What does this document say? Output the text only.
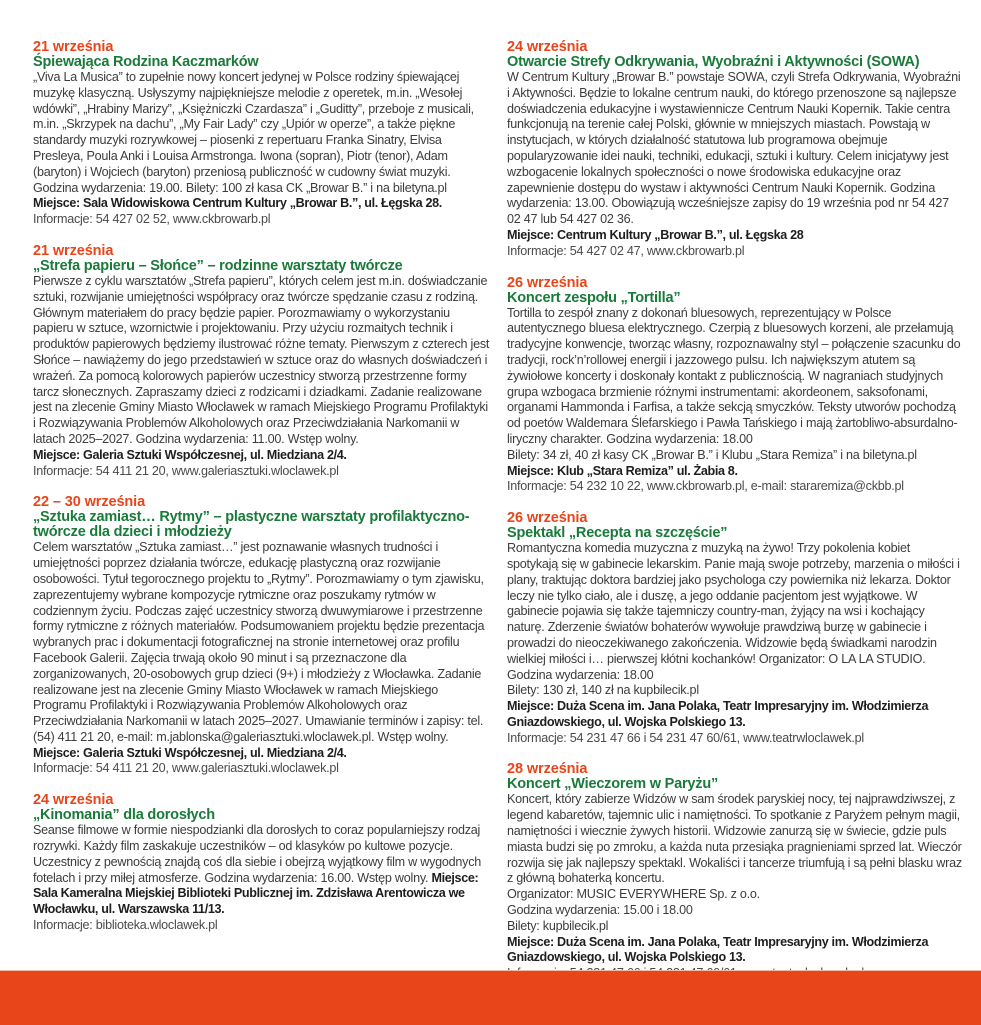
21 września
Śpiewająca Rodzina Kaczmarków

„Viva La Musica” to zupełnie nowy koncert jedynej w Polsce rodziny śpiewającej muzykę klasyczną. Usłyszymy najpiękniejsze melodie z operetek, m.in. „Wesołej wdówki”, „Hrabiny Marizy”, „Księżniczki Czardasza” i „Guditty”, przeboje z musicali, m.in. „Skrzypek na dachu”, „My Fair Lady” czy „Upiór w operze”, a także piękne standardy muzyki rozrywkowej – piosenki z repertuaru Franka Sinatry, Elvisa Presleya, Poula Anki i Louisa Armstronga. Iwona (sopran), Piotr (tenor), Adam (baryton) i Wojciech (baryton) przeniosą publiczność w cudowny świat muzyki. Godzina wydarzenia: 19.00. Bilety: 100 zł kasa CK „Browar B.” i na biletyna.pl

Miejsce: Sala Widowiskowa Centrum Kultury „Browar B.”, ul. Łęgska 28.

Informacje: 54 427 02 52, www.ckbrowarb.pl

21 września
„Strefa papieru – Słońce” – rodzinne warsztaty twórcze

Pierwsze z cyklu warsztatów „Strefa papieru”, których celem jest m.in. doświadczanie sztuki, rozwijanie umiejętności współpracy oraz twórcze spędzanie czasu z rodziną. Głównym materiałem do pracy będzie papier. Porozmawiamy o wykorzystaniu papieru w sztuce, wzornictwie i projektowaniu. Przy użyciu rozmaitych technik i produktów papierowych będziemy ilustrować różne tematy. Pierwszym z czterech jest Słońce – nawiążemy do jego przedstawień w sztuce oraz do własnych doświadczeń i wrażeń. Za pomocą kolorowych papierów uczestnicy stworzą przestrzenne formy tarcz słonecznych. Zapraszamy dzieci z rodzicami i dziadkami. Zadanie realizowane jest na zlecenie Gminy Miasto Włocławek w ramach Miejskiego Programu Profilaktyki i Rozwiązywania Problemów Alkoholowych oraz Przeciwdziałania Narkomanii w latach 2025–2027. Godzina wydarzenia: 11.00. Wstęp wolny.

Miejsce: Galeria Sztuki Współczesnej, ul. Miedziana 2/4.

Informacje: 54 411 21 20, www.galeriasztuki.wloclawek.pl

22 – 30 września
„Sztuka zamiast… Rytmy” – plastyczne warsztaty profilaktyczno-twórcze dla dzieci i młodzieży

Celem warsztatów „Sztuka zamiast…” jest poznawanie własnych trudności i umiejętności poprzez działania twórcze, edukację plastyczną oraz rozwijanie osobowości. Tytuł tegorocznego projektu to „Rytmy”. Porozmawiamy o tym zjawisku, zaprezentujemy wybrane kompozycje rytmiczne oraz poszukamy rytmów w codziennym życiu. Podczas zajęć uczestnicy stworzą dwuwymiarowe i przestrzenne formy rytmiczne z różnych materiałów. Podsumowaniem projektu będzie prezentacja wybranych prac i dokumentacji fotograficznej na stronie internetowej oraz profilu Facebook Galerii. Zajęcia trwają około 90 minut i są przeznaczone dla zorganizowanych, 20-osobowych grup dzieci (9+) i młodzieży z Włocławka. Zadanie realizowane jest na zlecenie Gminy Miasto Włocławek w ramach Miejskiego Programu Profilaktyki i Rozwiązywania Problemów Alkoholowych oraz Przeciwdziałania Narkomanii w latach 2025–2027. Umawianie terminów i zapisy: tel. (54) 411 21 20, e-mail: m.jablonska@galeriasztuki.wloclawek.pl. Wstęp wolny.

Miejsce: Galeria Sztuki Współczesnej, ul. Miedziana 2/4.

Informacje: 54 411 21 20, www.galeriasztuki.wloclawek.pl

24 września
„Kinomania” dla dorosłych

Seanse filmowe w formie niespodzianki dla dorosłych to coraz popularniejszy rodzaj rozrywki. Każdy film zaskakuje uczestników – od klasyków po kultowe pozycje. Uczestnicy z pewnością znajdą coś dla siebie i obejrzą wyjątkowy film w wygodnych fotelach i przy miłej atmosferze. Godzina wydarzenia: 16.00. Wstęp wolny. Miejsce: Sala Kameralna Miejskiej Biblioteki Publicznej im. Zdzisława Arentowicza we Włocławku, ul. Warszawska 11/13.

Informacje: biblioteka.wloclawek.pl

24 września
Otwarcie Strefy Odkrywania, Wyobraźni i Aktywności (SOWA)

W Centrum Kultury „Browar B.” powstaje SOWA, czyli Strefa Odkrywania, Wyobraźni i Aktywności. Będzie to lokalne centrum nauki, do którego przenoszone są najlepsze doświadczenia edukacyjne i wystawiennicze Centrum Nauki Kopernik. Takie centra funkcjonują na terenie całej Polski, głównie w mniejszych miastach. Powstają w instytucjach, w których działalność statutowa lub programowa obejmuje popularyzowanie idei nauki, techniki, edukacji, sztuki i kultury. Celem inicjatywy jest wzbogacenie lokalnych społeczności o nowe środowiska edukacyjne oraz zapewnienie dostępu do wystaw i aktywności Centrum Nauki Kopernik. Godzina wydarzenia: 13.00. Obowiązują wcześniejsze zapisy do 19 września pod nr 54 427 02 47 lub 54 427 02 36.

Miejsce: Centrum Kultury „Browar B.”, ul. Łęgska 28

Informacje: 54 427 02 47, www.ckbrowarb.pl

26 września
Koncert zespołu „Tortilla”

Tortilla to zespół znany z dokonań bluesowych, reprezentujący w Polsce autentycznego bluesa elektrycznego. Czerpią z bluesowych korzeni, ale przełamują tradycyjne konwencje, tworząc własny, rozpoznawalny styl – połączenie szacunku do tradycji, rock’n’rollowej energii i jazzowego pulsu. Ich największym atutem są żywiołowe koncerty i doskonały kontakt z publicznością. W nagraniach studyjnych grupa wzbogaca brzmienie różnymi instrumentami: akordeonem, saksofonami, organami Hammonda i Farfisa, a także sekcją smyczków. Teksty utworów pochodzą od poetów Waldemara Ślefarskiego i Pawła Tańskiego i mają żartobliwo-absurdalno-liryczny charakter. Godzina wydarzenia: 18.00

Bilety: 34 zł, 40 zł kasy CK „Browar B.” i Klubu „Stara Remiza” i na biletyna.pl

Miejsce: Klub „Stara Remiza” ul. Żabia 8.

Informacje: 54 232 10 22, www.ckbrowarb.pl, e-mail: stararemiza@ckbb.pl

26 września
Spektakl „Recepta na szczęście”

Romantyczna komedia muzyczna z muzyką na żywo! Trzy pokolenia kobiet spotykają się w gabinecie lekarskim. Panie mają swoje potrzeby, marzenia o miłości i plany, traktując doktora bardziej jako psychologa czy powiernika niż lekarza. Doktor leczy nie tylko ciało, ale i duszę, a jego oddanie pacjentom jest wyjątkowe. W gabinecie pojawia się także tajemniczy country-man, żyjący na wsi i kochający naturę. Zderzenie światów bohaterów wywołuje prawdziwą burzę w gabinecie i prowadzi do nieoczekiwanego zakończenia. Widzowie będą świadkami narodzin wielkiej miłości i… pierwszej kłótni kochanków! Organizator: O LA LA STUDIO. Godzina wydarzenia: 18.00

Bilety: 130 zł, 140 zł na kupbilecik.pl

Miejsce: Duża Scena im. Jana Polaka, Teatr Impresaryjny im. Włodzimierza Gniazdowskiego, ul. Wojska Polskiego 13.

Informacje: 54 231 47 66 i 54 231 47 60/61, www.teatrwloclawek.pl

28 września
Koncert „Wieczorem w Paryżu”

Koncert, który zabierze Widzów w sam środek paryskiej nocy, tej najprawdziwszej, z legend kabaretów, tajemnic ulic i namiętności. To spotkanie z Paryżem pełnym magii, namiętności i wiecznie żywych historii. Widzowie zanurzą się w świecie, gdzie puls miasta budzi się po zmroku, a każda nuta przesiąka pragnieniami sprzed lat. Wieczór rozwija się jak najlepszy spektakl. Wokaliści i tancerze triumfują i są pełni blasku wraz z główną bohaterką koncertu.

Organizator: MUSIC EVERYWHERE Sp. z o.o.

Godzina wydarzenia: 15.00 i 18.00

Bilety: kupbilecik.pl

Miejsce: Duża Scena im. Jana Polaka, Teatr Impresaryjny im. Włodzimierza Gniazdowskiego, ul. Wojska Polskiego 13.
